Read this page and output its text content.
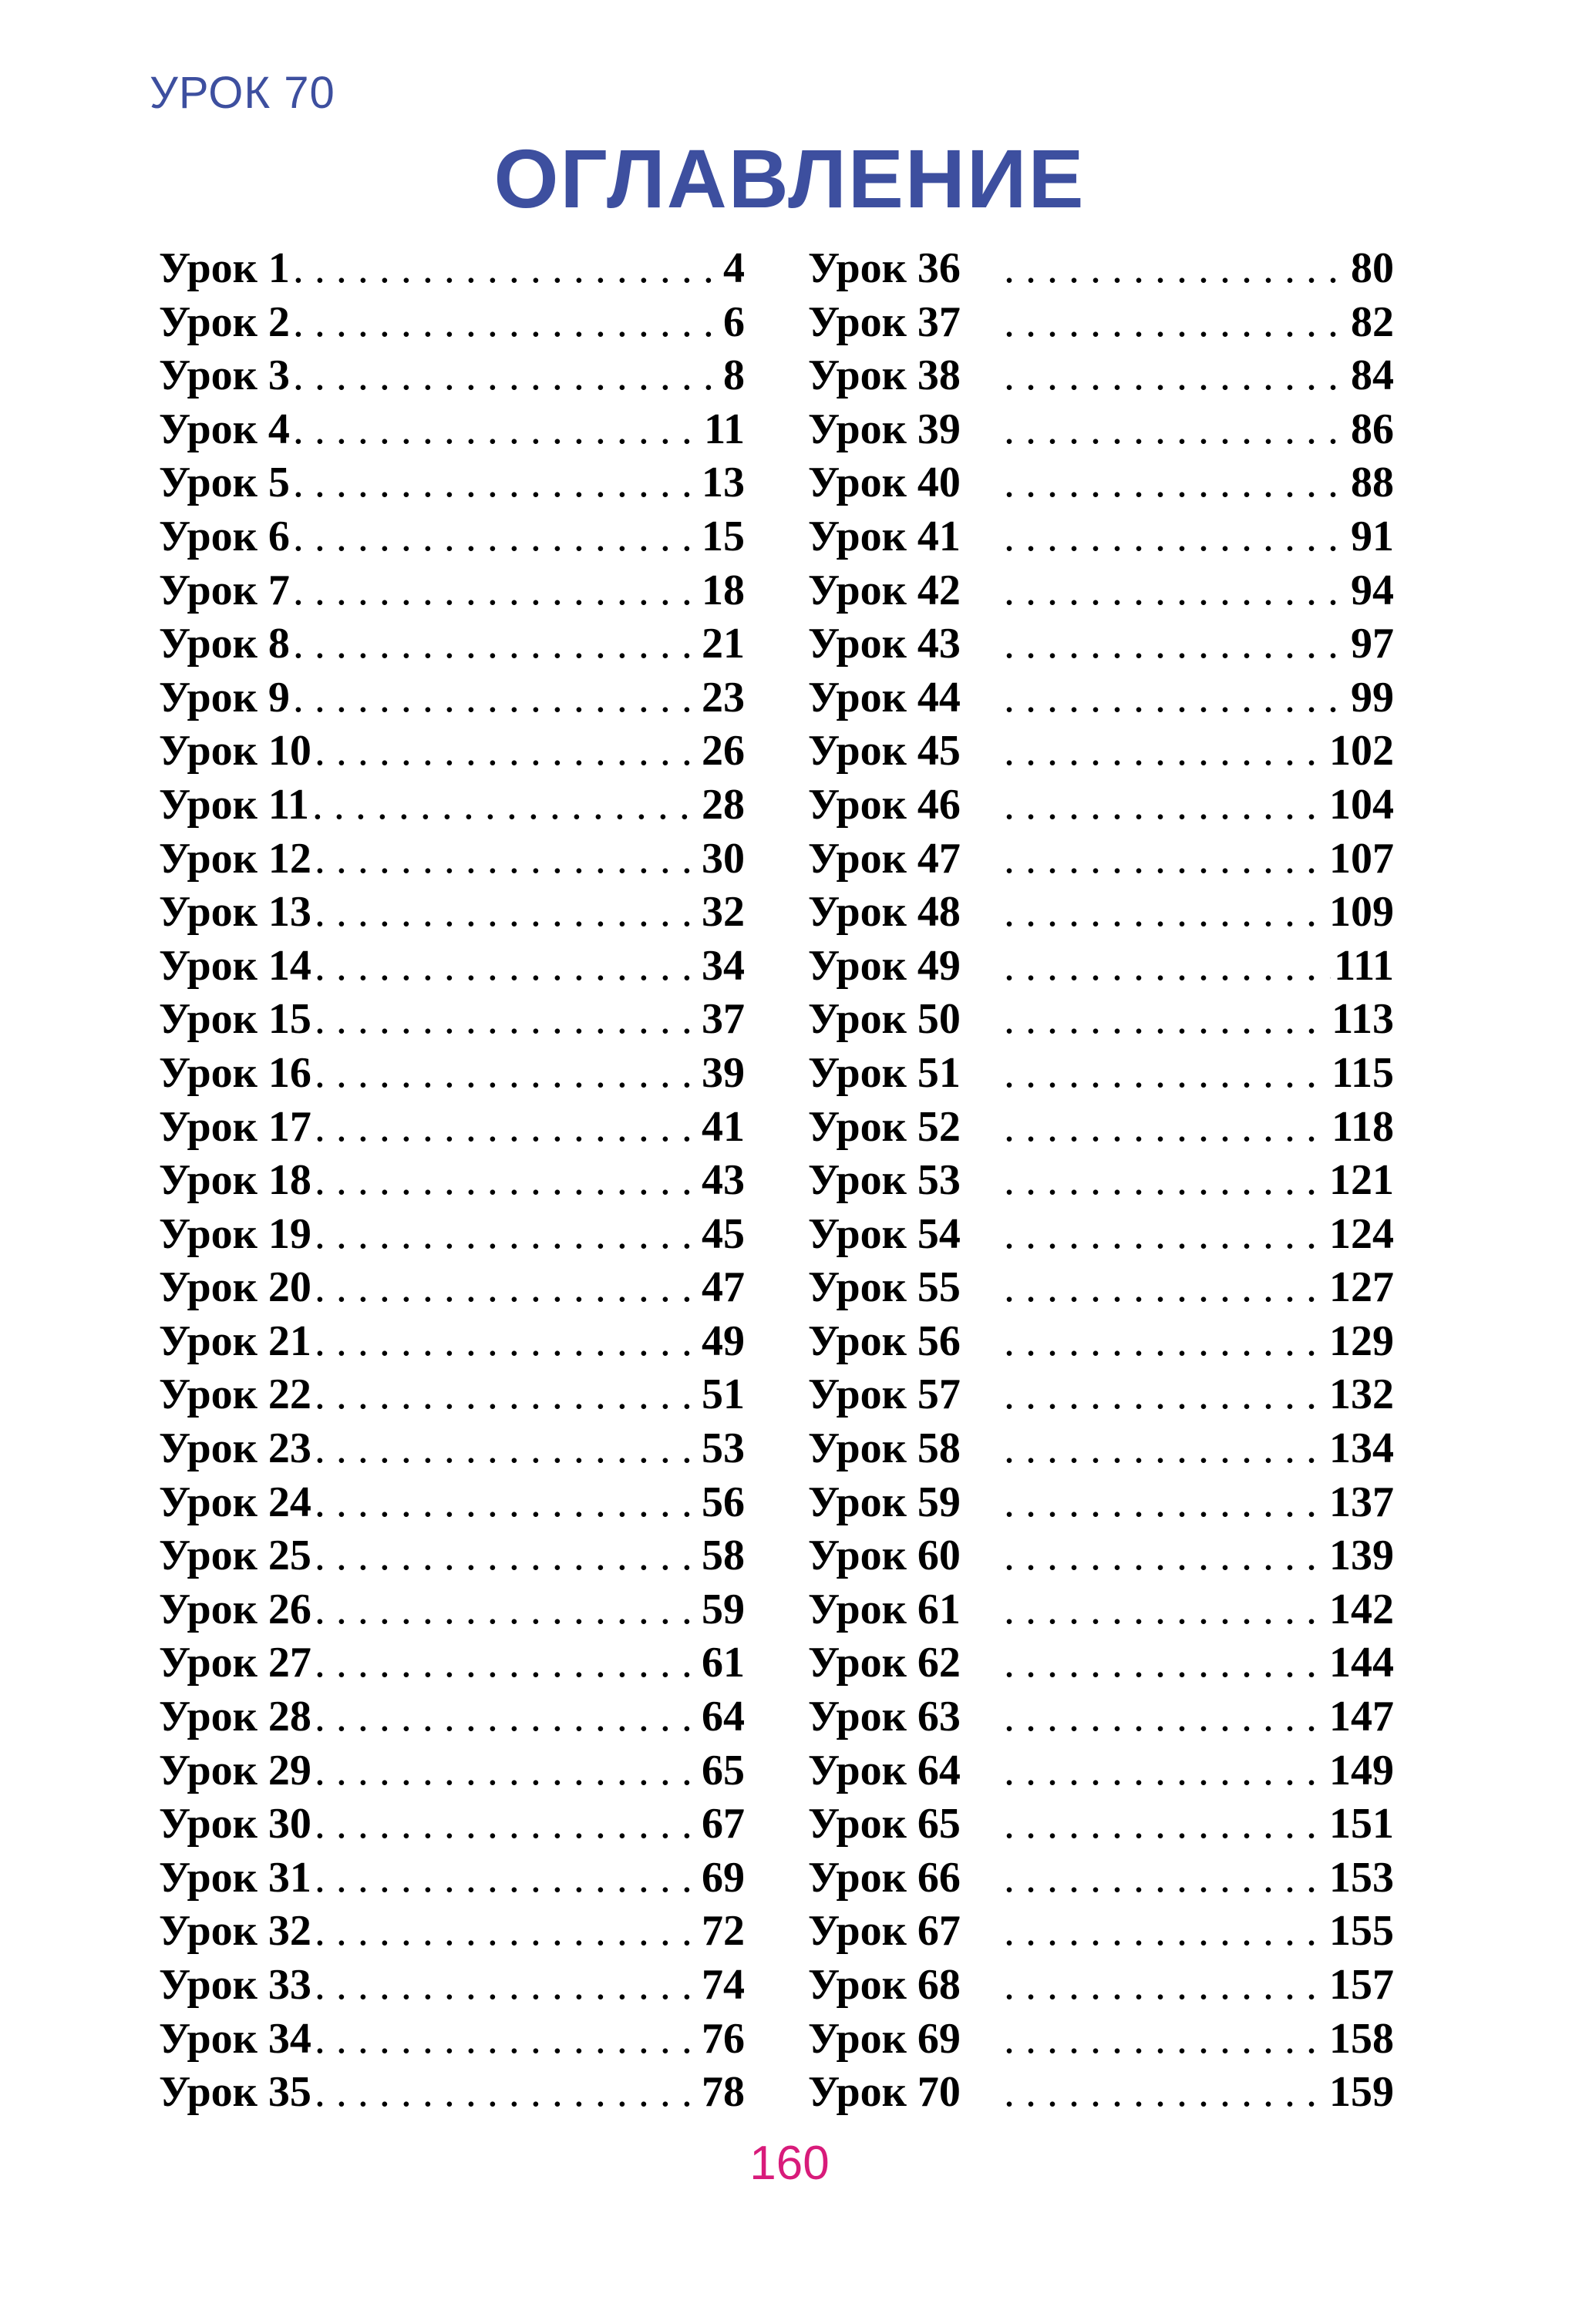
УРОК 70
ОГЛАВЛЕНИЕ
Урок 1 .....	4
Урок 2 .....	6
Урок 3 .....	8
Урок 4 .....	11
Урок 5 .....	13
Урок 6 .....	15
Урок 7 .....	18
Урок 8 .....	21
Урок 9 .....	23
Урок 10 .....	26
Урок 11 .....	28
Урок 12 .....	30
Урок 13 .....	32
Урок 14 .....	34
Урок 15 .....	37
Урок 16 .....	39
Урок 17 .....	41
Урок 18 .....	43
Урок 19 .....	45
Урок 20 .....	47
Урок 21 .....	49
Урок 22 .....	51
Урок 23 .....	53
Урок 24 .....	56
Урок 25 .....	58
Урок 26 .....	59
Урок 27 .....	61
Урок 28 .....	64
Урок 29 .....	65
Урок 30 .....	67
Урок 31 .....	69
Урок 32 .....	72
Урок 33 .....	74
Урок 34 .....	76
Урок 35 .....	78
Урок 36 .....	80
Урок 37 .....	82
Урок 38 .....	84
Урок 39 .....	86
Урок 40 .....	88
Урок 41 .....	91
Урок 42 .....	94
Урок 43 .....	97
Урок 44 .....	99
Урок 45 .....	102
Урок 46 .....	104
Урок 47 .....	107
Урок 48 .....	109
Урок 49 .....	111
Урок 50 .....	113
Урок 51 .....	115
Урок 52 .....	118
Урок 53 .....	121
Урок 54 .....	124
Урок 55 .....	127
Урок 56 .....	129
Урок 57 .....	132
Урок 58 .....	134
Урок 59 .....	137
Урок 60 .....	139
Урок 61 .....	142
Урок 62 .....	144
Урок 63 .....	147
Урок 64 .....	149
Урок 65 .....	151
Урок 66 .....	153
Урок 67 .....	155
Урок 68 .....	157
Урок 69 .....	158
Урок 70 .....	159
160
